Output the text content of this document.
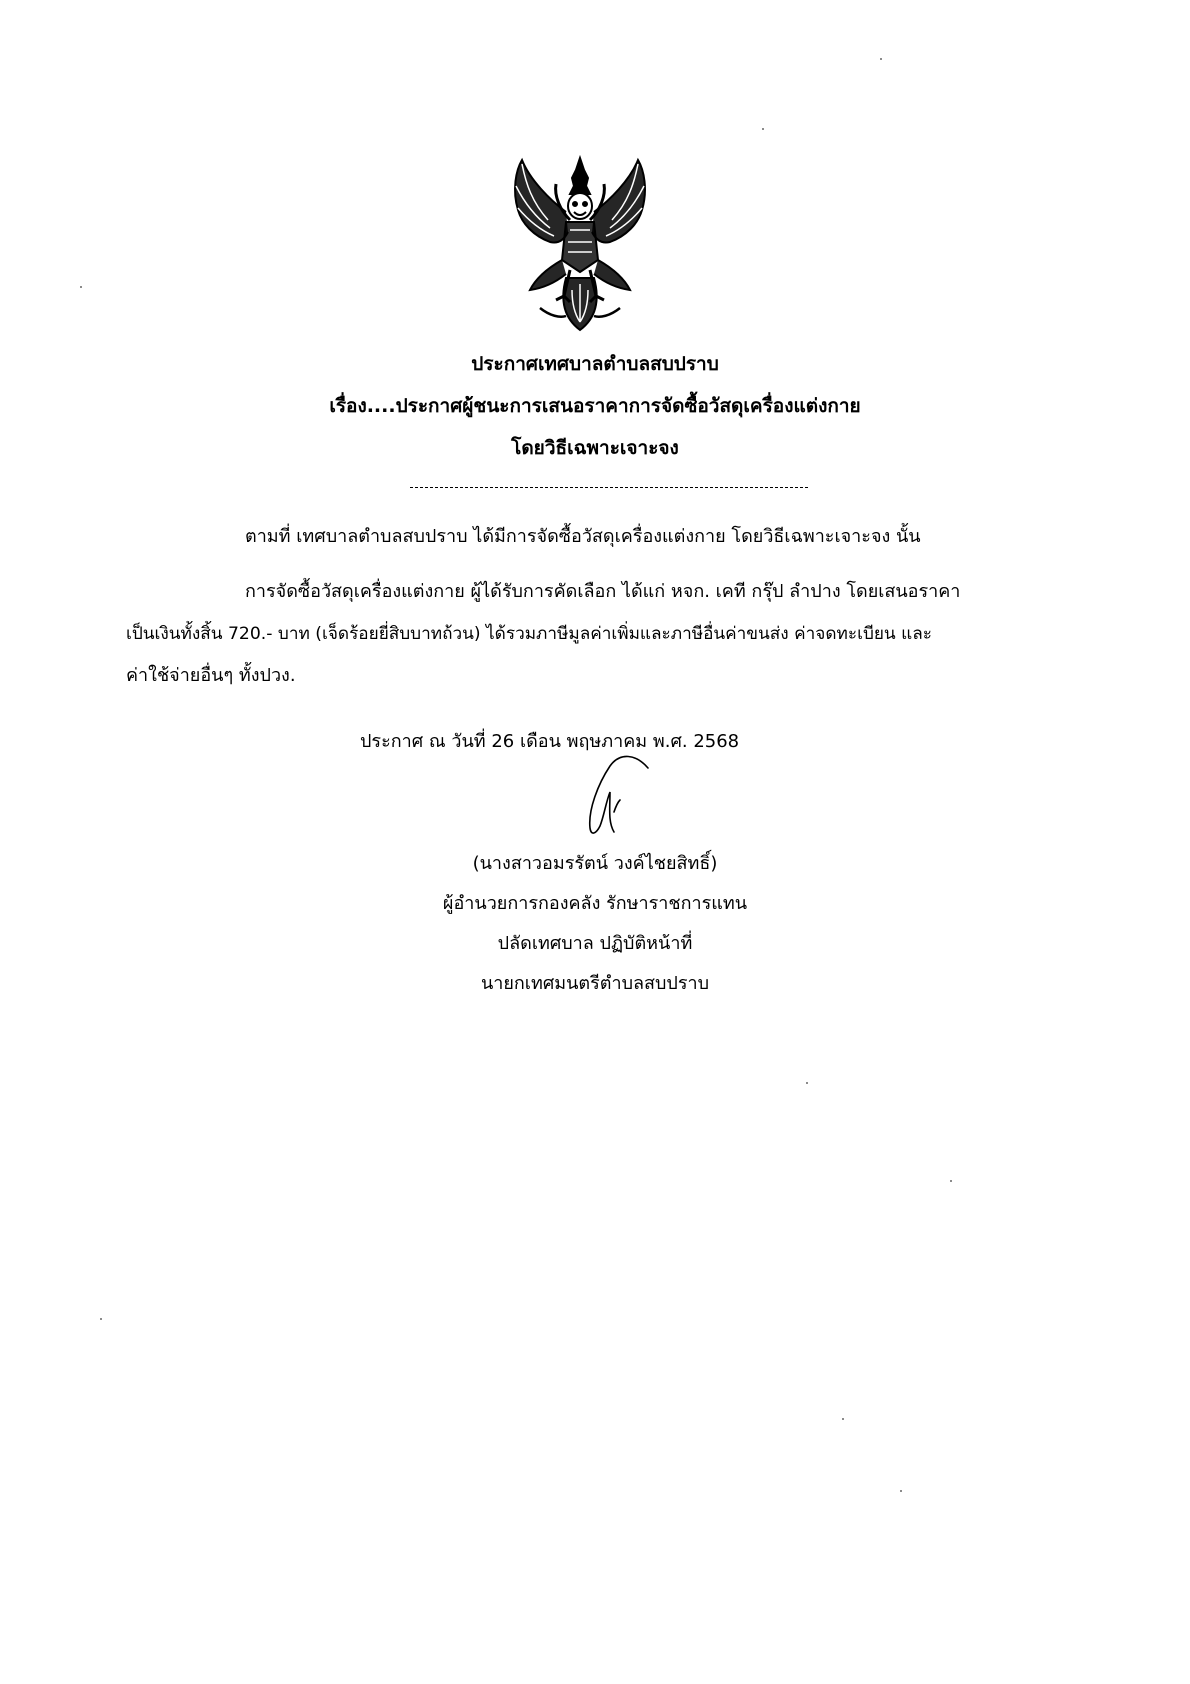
ประกาศเทศบาลตำบลสบปราบ
เรื่อง....ประกาศผู้ชนะการเสนอราคาการจัดซื้อวัสดุเครื่องแต่งกาย
โดยวิธีเฉพาะเจาะจง
ตามที่ เทศบาลตำบลสบปราบ ได้มีการจัดซื้อวัสดุเครื่องแต่งกาย โดยวิธีเฉพาะเจาะจง นั้น
การจัดซื้อวัสดุเครื่องแต่งกาย ผู้ได้รับการคัดเลือก ได้แก่ หจก. เคที กรุ๊ป ลำปาง โดยเสนอราคา
เป็นเงินทั้งสิ้น 720.- บาท (เจ็ดร้อยยี่สิบบาทถ้วน) ได้รวมภาษีมูลค่าเพิ่มและภาษีอื่นค่าขนส่ง ค่าจดทะเบียน และ
ค่าใช้จ่ายอื่นๆ ทั้งปวง.
ประกาศ ณ วันที่ 26 เดือน พฤษภาคม พ.ศ. 2568
(นางสาวอมรรัตน์ วงค์ไชยสิทธิ์)
ผู้อำนวยการกองคลัง รักษาราชการแทน
ปลัดเทศบาล ปฏิบัติหน้าที่
นายกเทศมนตรีตำบลสบปราบ
